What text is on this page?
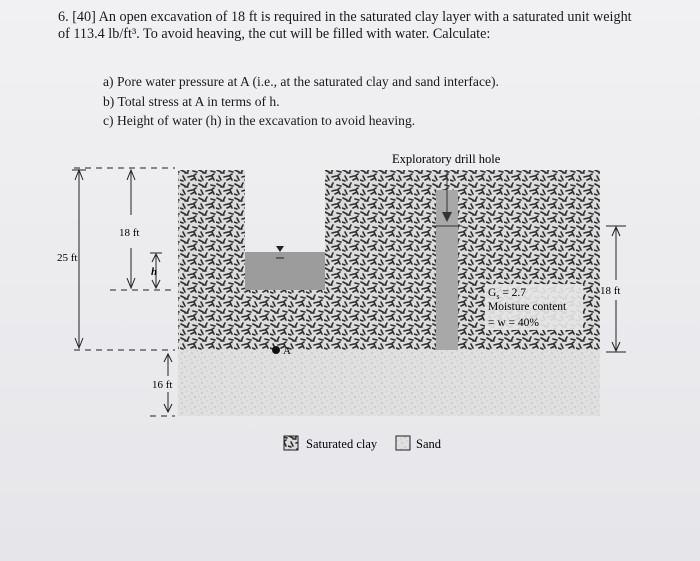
6. [40] An open excavation of 18 ft is required in the saturated clay layer with a saturated unit weight
of 113.4 lb/ft³. To avoid heaving, the cut will be filled with water. Calculate:
a) Pore water pressure at A (i.e., at the saturated clay and sand interface).
b) Total stress at A in terms of h.
c) Height of water (h) in the excavation to avoid heaving.
Exploratory drill hole
25 ft
18 ft
h
16 ft
18 ft
A
$G_s = 2.7$
Moisture content
= w = 40%
Saturated clay	Sand
